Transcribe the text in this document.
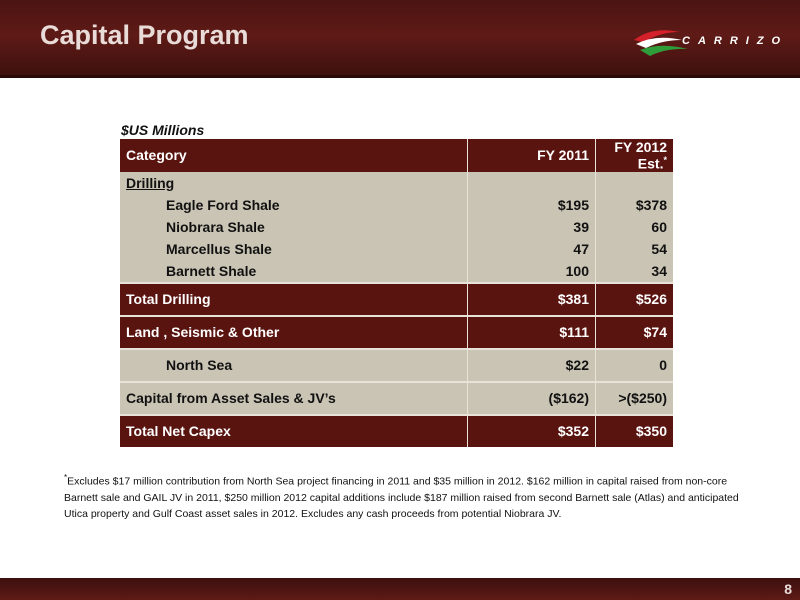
Capital Program	CARRIZO
$US Millions
Category	FY 2011	FY 2012 Est.*
Drilling		
Eagle Ford Shale	$195	$378
Niobrara Shale	39	60
Marcellus Shale	47	54
Barnett Shale	100	34
Total Drilling	$381	$526
Land , Seismic & Other	$111	$74
North Sea	$22	0
Capital from Asset Sales & JV’s	($162)	>($250)
Total Net Capex	$352	$350
*Excludes $17 million contribution from North Sea project financing in 2011 and $35 million in 2012. $162 million in capital raised from non-core Barnett sale and GAIL JV in 2011, $250 million 2012 capital additions include $187 million raised from second Barnett sale (Atlas) and anticipated Utica property and Gulf Coast asset sales in 2012. Excludes any cash proceeds from potential Niobrara JV.
8
